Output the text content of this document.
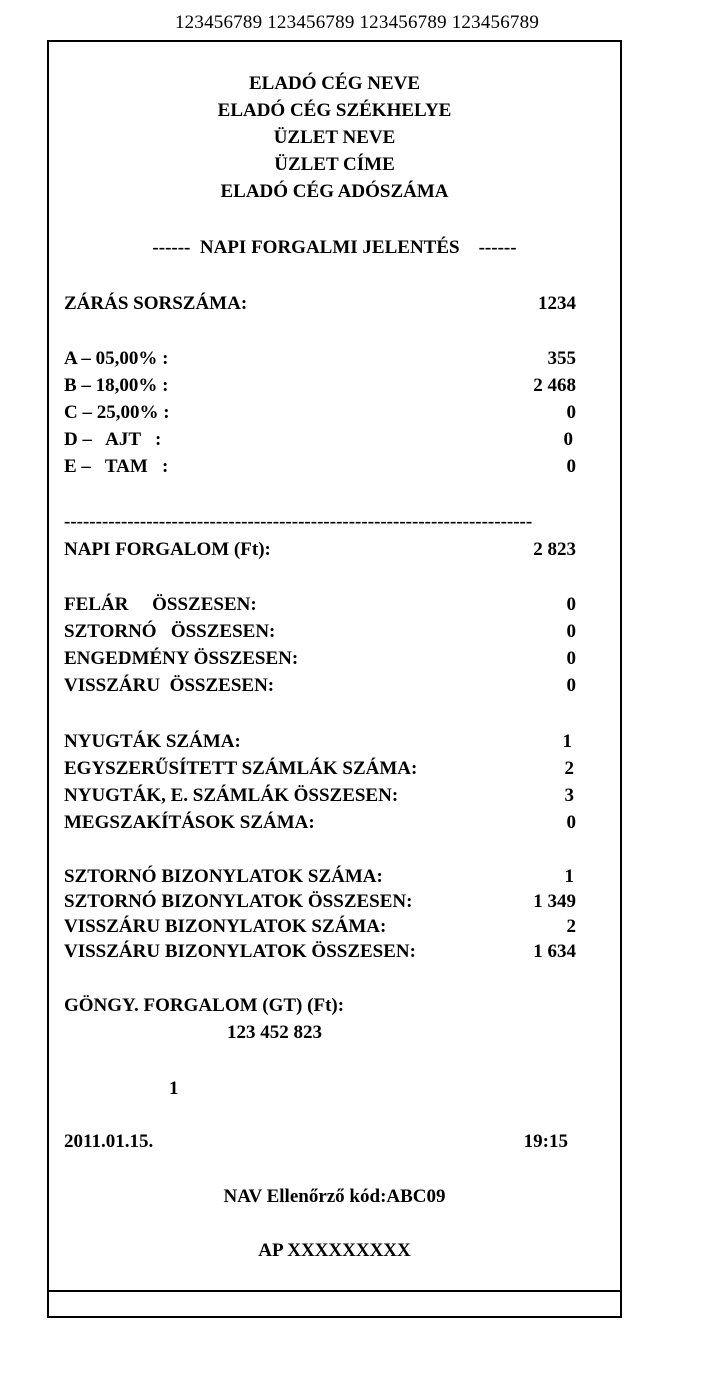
123456789 123456789 123456789 123456789
ELADÓ CÉG NEVE
ELADÓ CÉG SZÉKHELYE
ÜZLET NEVE
ÜZLET CÍME
ELADÓ CÉG ADÓSZÁMA
------  NAPI FORGALMI JELENTÉS    ------
ZÁRÁS SORSZÁMA:	1234
A – 05,00% :	355
B – 18,00% :	2 468
C – 25,00% :	0
D –   AJT   :	0
E –   TAM   :	0
--------------------------------------------------------------------------
NAPI FORGALOM (Ft):	2 823
FELÁR     ÖSSZESEN:	0
SZTORNÓ   ÖSSZESEN:	0
ENGEDMÉNY ÖSSZESEN:	0
VISSZÁRU  ÖSSZESEN:	0
NYUGTÁK SZÁMA:	1
EGYSZERŰSÍTETT SZÁMLÁK SZÁMA:	2
NYUGTÁK, E. SZÁMLÁK ÖSSZESEN:	3
MEGSZAKÍTÁSOK SZÁMA:	0
SZTORNÓ BIZONYLATOK SZÁMA:	1
SZTORNÓ BIZONYLATOK ÖSSZESEN:	1 349
VISSZÁRU BIZONYLATOK SZÁMA:	2
VISSZÁRU BIZONYLATOK ÖSSZESEN:	1 634
GÖNGY. FORGALOM (GT) (Ft):
123 452 823
1
2011.01.15.	19:15
NAV Ellenőrző kód:ABC09
AP XXXXXXXXX
